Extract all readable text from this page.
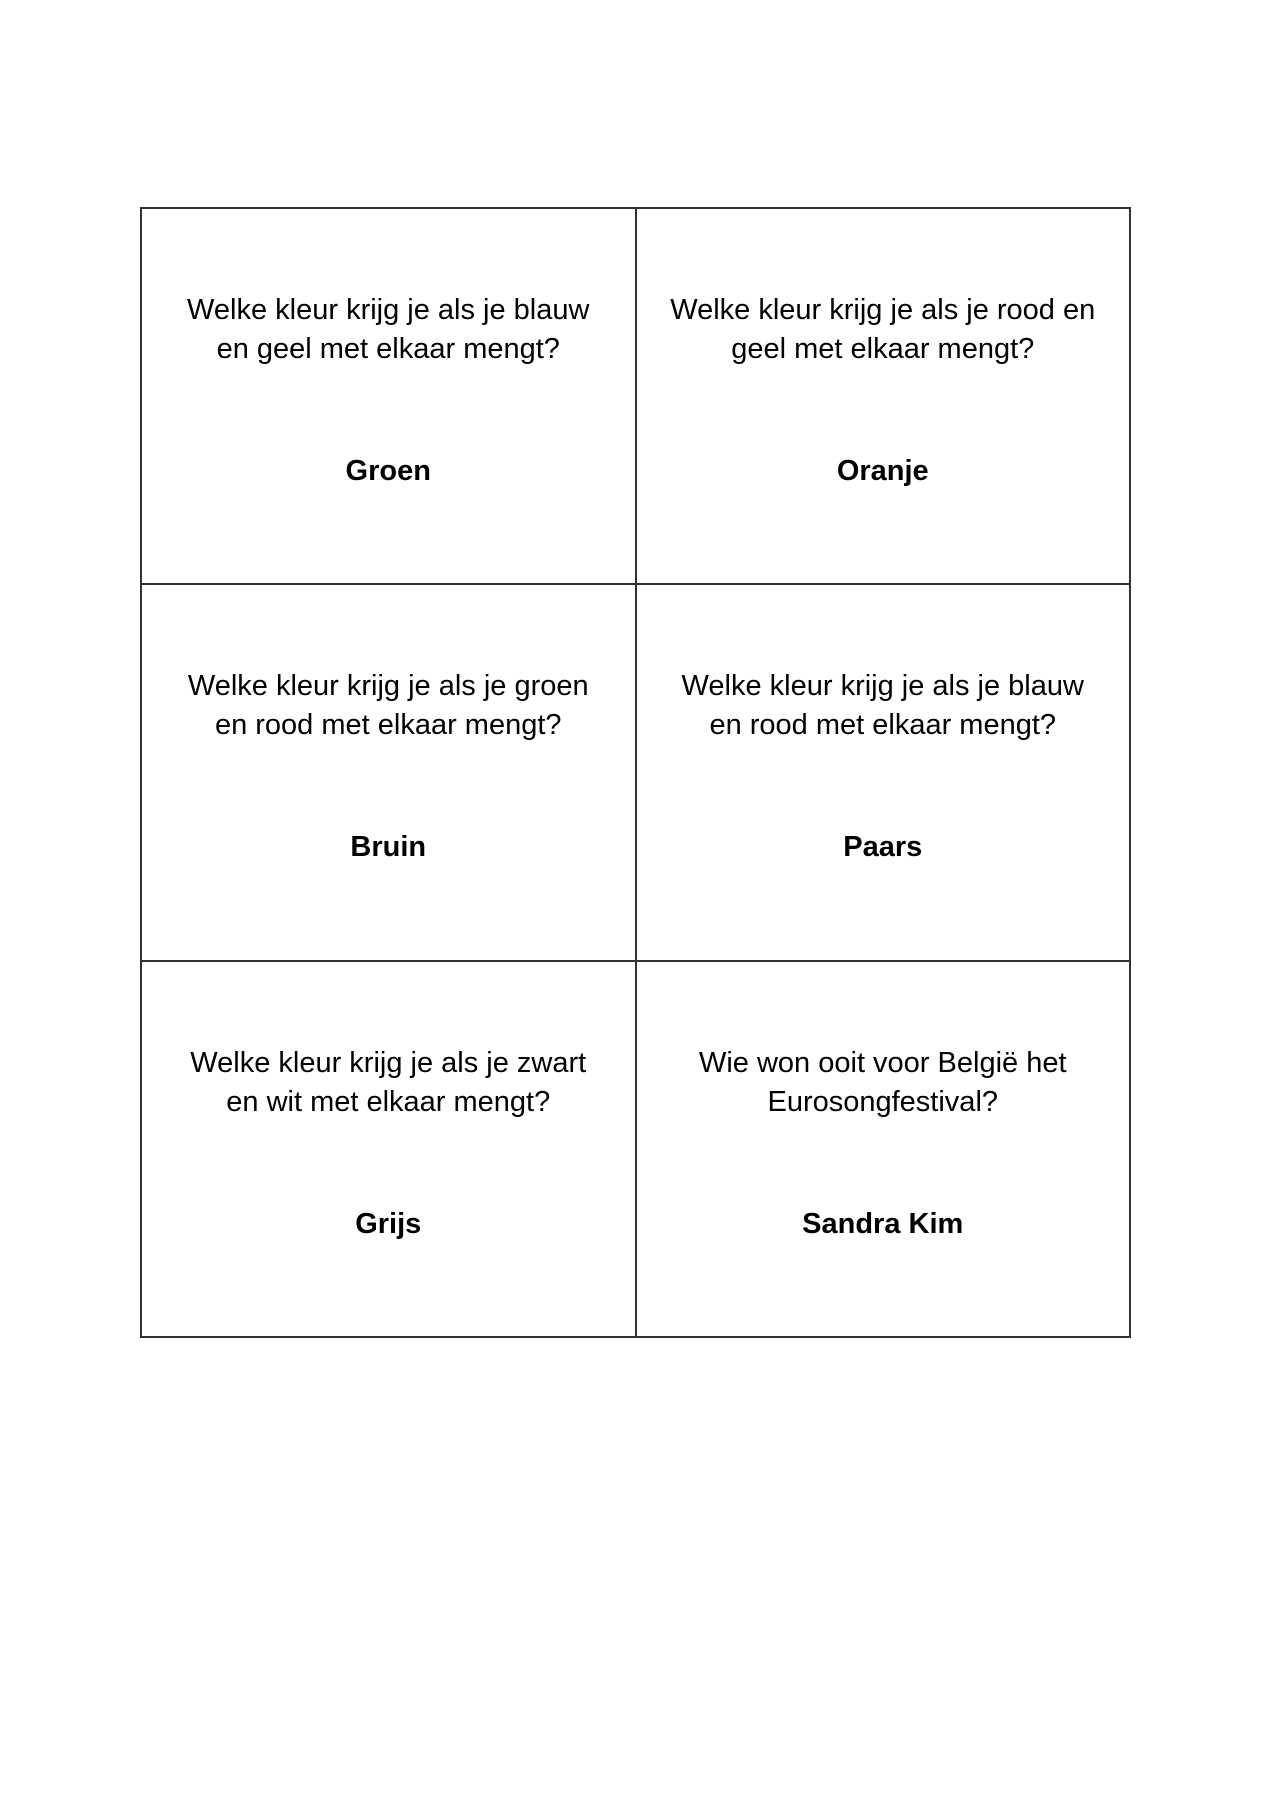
Welke kleur krijg je als je blauw
en geel met elkaar mengt?
Groen
Welke kleur krijg je als je rood en
geel met elkaar mengt?
Oranje
Welke kleur krijg je als je groen
en rood met elkaar mengt?
Bruin
Welke kleur krijg je als je blauw
en rood met elkaar mengt?
Paars
Welke kleur krijg je als je zwart
en wit met elkaar mengt?
Grijs
Wie won ooit voor België het
Eurosongfestival?
Sandra Kim
